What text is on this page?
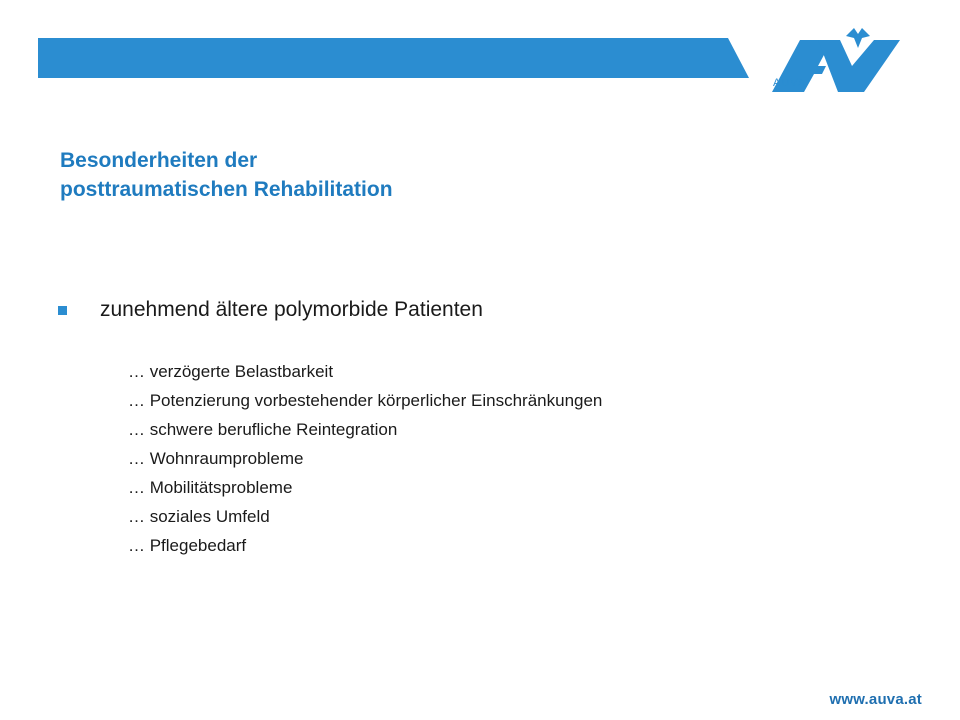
AUVA
Besonderheiten der
posttraumatischen Rehabilitation
zunehmend ältere polymorbide Patienten
… verzögerte Belastbarkeit
… Potenzierung vorbestehender körperlicher Einschränkungen
… schwere berufliche Reintegration
… Wohnraumprobleme
… Mobilitätsprobleme
… soziales Umfeld
… Pflegebedarf
www.auva.at
